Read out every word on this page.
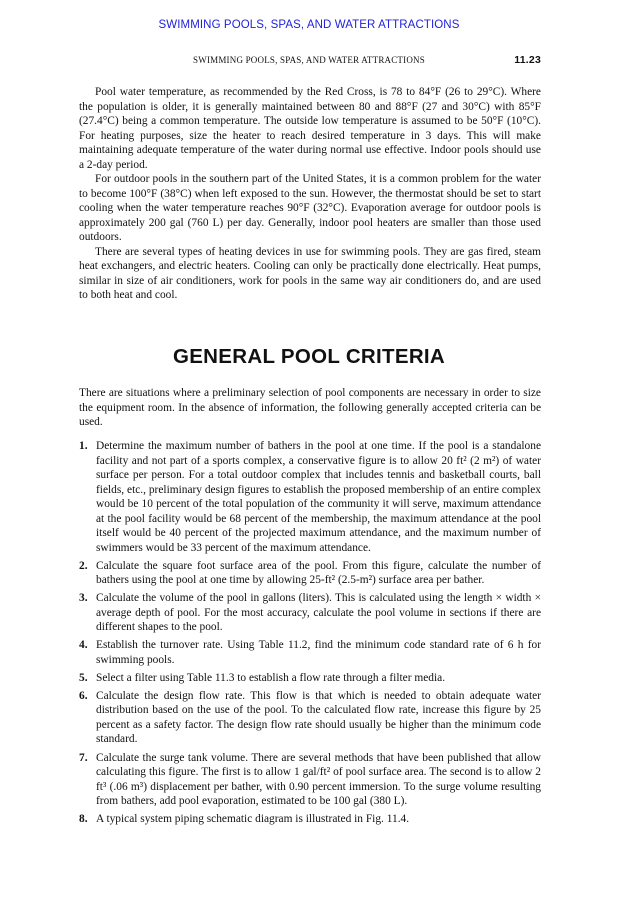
SWIMMING POOLS, SPAS, AND WATER ATTRACTIONS
SWIMMING POOLS, SPAS, AND WATER ATTRACTIONS	11.23

Pool water temperature, as recommended by the Red Cross, is 78 to 84°F (26 to 29°C). Where the population is older, it is generally maintained between 80 and 88°F (27 and 30°C) with 85°F (27.4°C) being a common temperature. The outside low temperature is assumed to be 50°F (10°C). For heating purposes, size the heater to reach desired temperature in 3 days. This will make maintaining adequate temperature of the water during normal use effective. Indoor pools should use a 2-day period.

For outdoor pools in the southern part of the United States, it is a common problem for the water to become 100°F (38°C) when left exposed to the sun. However, the thermostat should be set to start cooling when the water temperature reaches 90°F (32°C). Evaporation average for outdoor pools is approximately 200 gal (760 L) per day. Generally, indoor pool heaters are smaller than those used outdoors.

There are several types of heating devices in use for swimming pools. They are gas fired, steam heat exchangers, and electric heaters. Cooling can only be practically done electrically. Heat pumps, similar in size of air conditioners, work for pools in the same way air conditioners do, and are used to both heat and cool.

GENERAL POOL CRITERIA

There are situations where a preliminary selection of pool components are necessary in order to size the equipment room. In the absence of information, the following generally accepted criteria can be used.

1. Determine the maximum number of bathers in the pool at one time. If the pool is a standalone facility and not part of a sports complex, a conservative figure is to allow 20 ft² (2 m²) of water surface per person. For a total outdoor complex that includes tennis and basketball courts, ball fields, etc., preliminary design figures to establish the proposed membership of an entire complex would be 10 percent of the total population of the community it will serve, maximum attendance at the pool facility would be 68 percent of the membership, the maximum attendance at the pool itself would be 40 percent of the projected maximum attendance, and the maximum number of swimmers would be 33 percent of the maximum attendance.
2. Calculate the square foot surface area of the pool. From this figure, calculate the number of bathers using the pool at one time by allowing 25-ft² (2.5-m²) surface area per bather.
3. Calculate the volume of the pool in gallons (liters). This is calculated using the length × width × average depth of pool. For the most accuracy, calculate the pool volume in sections if there are different shapes to the pool.
4. Establish the turnover rate. Using Table 11.2, find the minimum code standard rate of 6 h for swimming pools.
5. Select a filter using Table 11.3 to establish a flow rate through a filter media.
6. Calculate the design flow rate. This flow is that which is needed to obtain adequate water distribution based on the use of the pool. To the calculated flow rate, increase this figure by 25 percent as a safety factor. The design flow rate should usually be higher than the minimum code standard.
7. Calculate the surge tank volume. There are several methods that have been published that allow calculating this figure. The first is to allow 1 gal/ft² of pool surface area. The second is to allow 2 ft³ (.06 m³) displacement per bather, with 0.90 percent immersion. To the surge volume resulting from bathers, add pool evaporation, estimated to be 100 gal (380 L).
8. A typical system piping schematic diagram is illustrated in Fig. 11.4.
